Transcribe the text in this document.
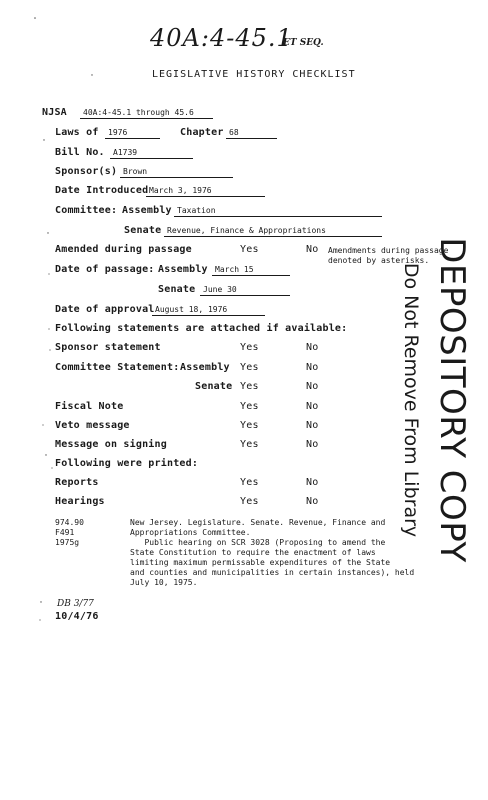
40A:4-45.1
ET SEQ.
LEGISLATIVE HISTORY CHECKLIST
NJSA	40A:4-45.1 through 45.6
Laws of	1976	Chapter 68
Bill No.	A1739
Sponsor(s) Brown
Date Introduced March 3, 1976
Committee: Assembly Taxation
Senate Revenue, Finance & Appropriations
Amended during passage	Yes	No Amendments during passage
denoted by asterisks.
Date of passage: Assembly March 15
Senate June 30
Date of approval August 18, 1976
Following statements are attached if available:
Sponsor statement	Yes	No
Committee Statement: Assembly Yes	No
Senate Yes	No
Fiscal Note	Yes	No
Veto message	Yes	No
Message on signing	Yes	No
Following were printed:
Reports	Yes	No
Hearings	Yes	No
974.90
F491
1975g
New Jersey. Legislature. Senate. Revenue, Finance and
Appropriations Committee.
Public hearing on SCR 3028 (Proposing to amend the
State Constitution to require the enactment of laws
limiting maximum permissable expenditures of the State
and counties and municipalities in certain instances), held
July 10, 1975.
DB 3/77
10/4/76
DEPOSITORY COPY
Do Not Remove From Library
